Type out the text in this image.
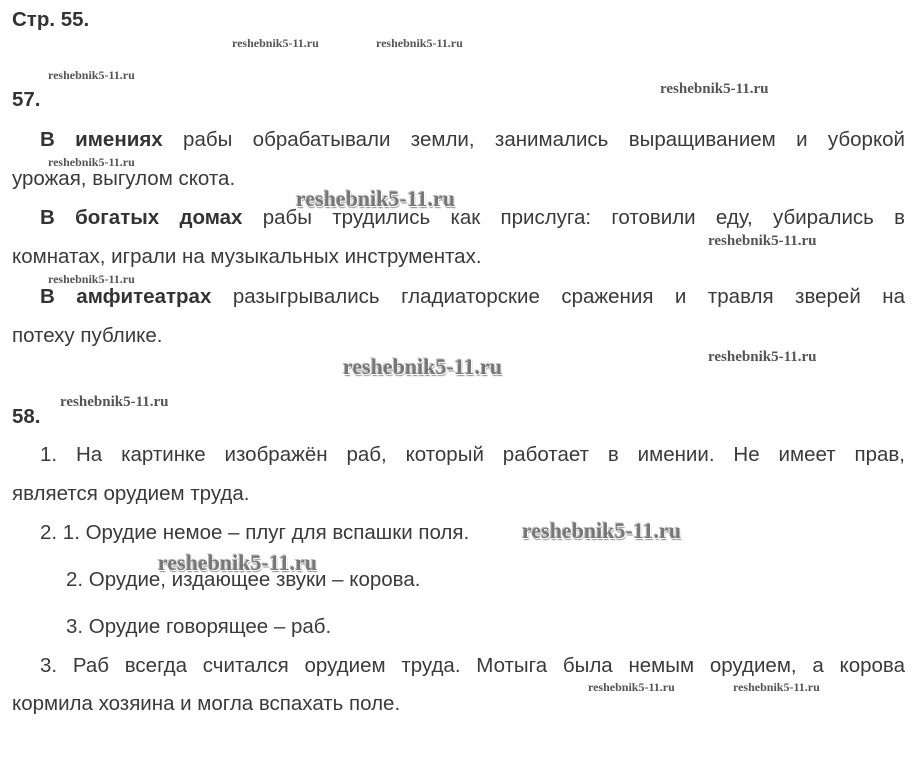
Стр. 55.
57.
В имениях рабы обрабатывали земли, занимались выращиванием и уборкой
урожая, выгулом скота.
В богатых домах рабы трудились как прислуга: готовили еду, убирались в
комнатах, играли на музыкальных инструментах.
В амфитеатрах разыгрывались гладиаторские сражения и травля зверей на
потеху публике.
58.
1. На картинке изображён раб, который работает в имении. Не имеет прав,
является орудием труда.
2. 1. Орудие немое – плуг для вспашки поля.
2. Орудие, издающее звуки – корова.
3. Орудие говорящее – раб.
3. Раб всегда считался орудием труда. Мотыга была немым орудием, а корова
кормила хозяина и могла вспахать поле.
reshebnik5-11.ru	reshebnik5-11.ru
reshebnik5-11.ru
reshebnik5-11.ru
reshebnik5-11.ru
reshebnik5-11.ru
reshebnik5-11.ru
reshebnik5-11.ru
reshebnik5-11.ru	reshebnik5-11.ru
reshebnik5-11.ru
reshebnik5-11.ru
reshebnik5-11.ru
reshebnik5-11.ru	reshebnik5-11.ru
